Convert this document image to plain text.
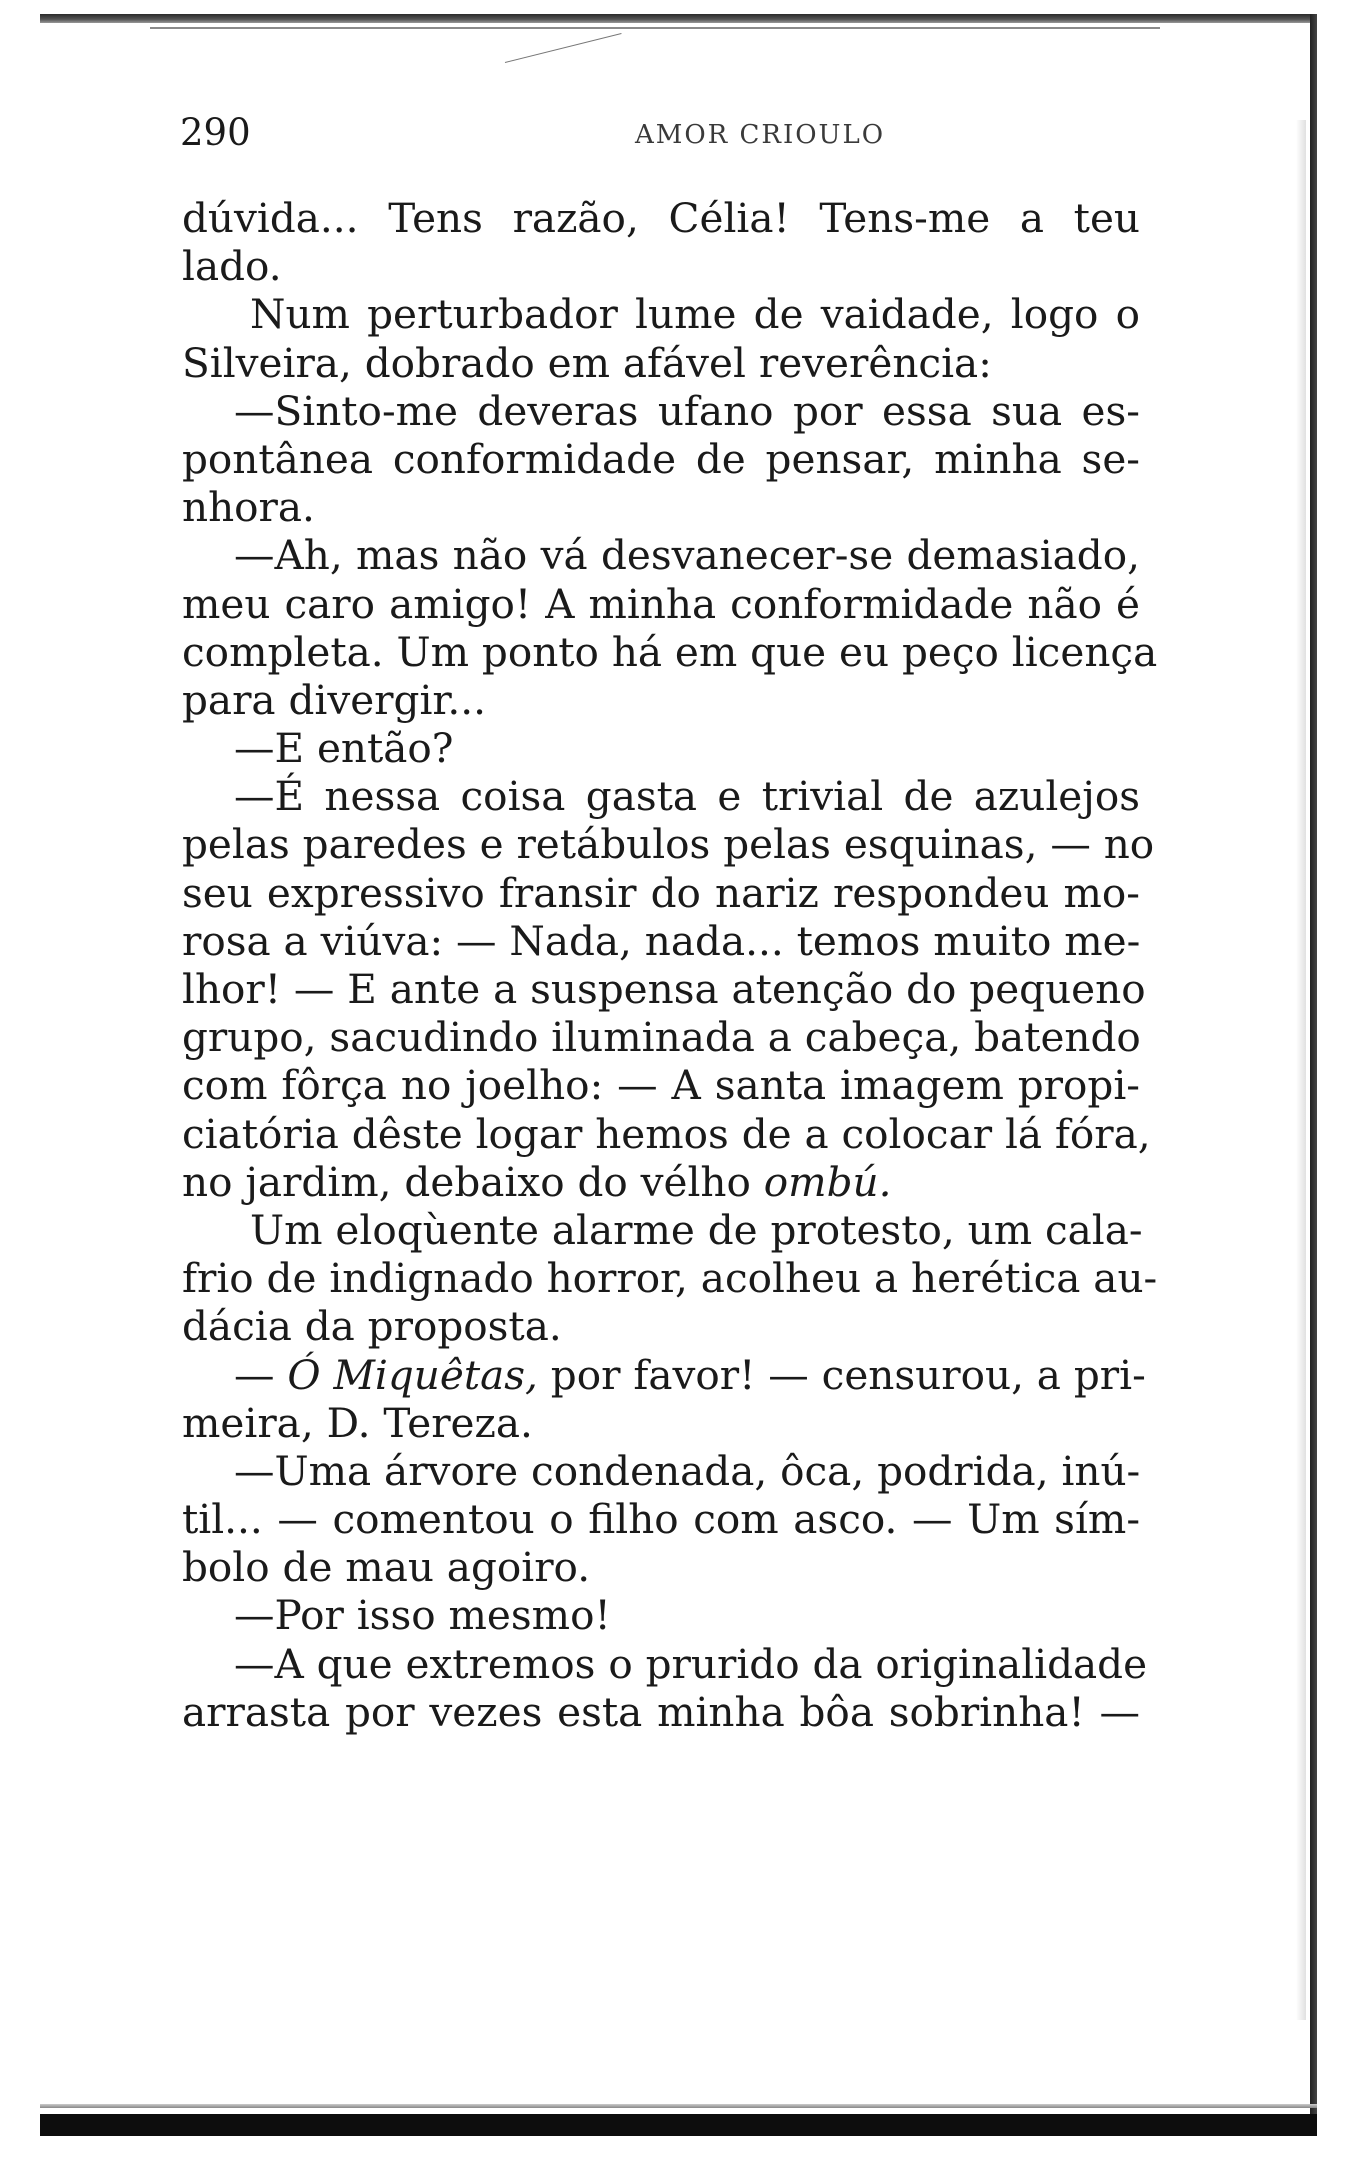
290	AMOR CRIOULO
dúvida... Tens razão, Célia! Tens-me a teu
lado.
Num perturbador lume de vaidade, logo o
Silveira, dobrado em afável reverência:
—Sinto-me deveras ufano por essa sua es-
pontânea conformidade de pensar, minha se-
nhora.
—Ah, mas não vá desvanecer-se demasiado,
meu caro amigo! A minha conformidade não é
completa. Um ponto há em que eu peço licença
para divergir...
—E então?
—É nessa coisa gasta e trivial de azulejos
pelas paredes e retábulos pelas esquinas, — no
seu expressivo fransir do nariz respondeu mo-
rosa a viúva: — Nada, nada... temos muito me-
lhor! — E ante a suspensa atenção do pequeno
grupo, sacudindo iluminada a cabeça, batendo
com fôrça no joelho: — A santa imagem propi-
ciatória dêste logar hemos de a colocar lá fóra,
no jardim, debaixo do vélho ombú.
Um eloqùente alarme de protesto, um cala-
frio de indignado horror, acolheu a herética au-
dácia da proposta.
— Ó Miquêtas, por favor! — censurou, a pri-
meira, D. Tereza.
—Uma árvore condenada, ôca, podrida, inú-
til... — comentou o filho com asco. — Um sím-
bolo de mau agoiro.
—Por isso mesmo!
—A que extremos o prurido da originalidade
arrasta por vezes esta minha bôa sobrinha! —
